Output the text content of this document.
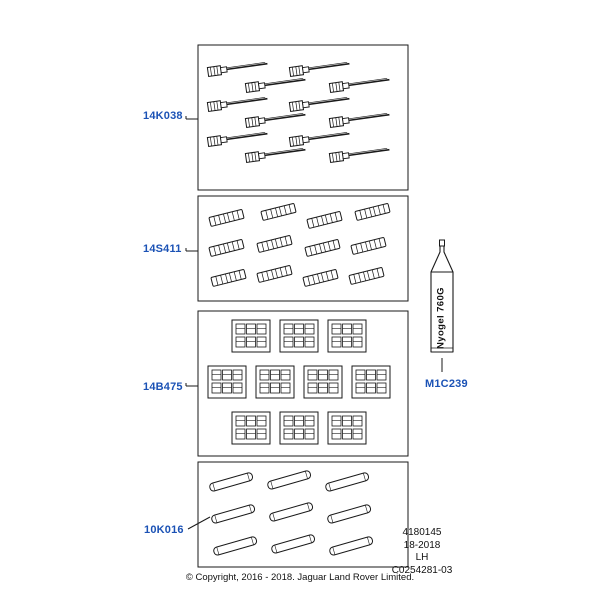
Nyogel 760G
14K038
14S411
14B475
10K016
M1C239
4180145
18-2018
LH
C0254281-03
© Copyright, 2016 - 2018. Jaguar Land Rover Limited.
